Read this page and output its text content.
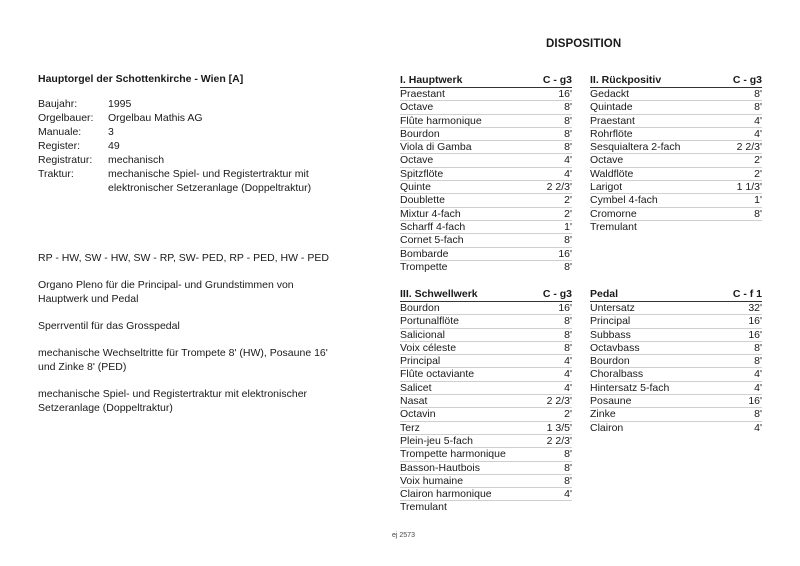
DISPOSITION
Hauptorgel der Schottenkirche - Wien [A]
Baujahr:	1995
Orgelbauer:	Orgelbau Mathis AG
Manuale:	3
Register:	49
Registratur:	mechanisch
Traktur:	mechanische Spiel- und Registertraktur mit elektronischer Setzeranlage (Doppeltraktur)
RP - HW, SW - HW, SW - RP, SW- PED, RP - PED, HW - PED

Organo Pleno für die Principal- und Grundstimmen von Hauptwerk und Pedal

Sperrventil für das Grosspedal

mechanische Wechseltritte für Trompete 8' (HW), Posaune 16' und Zinke 8' (PED)

mechanische Spiel- und Registertraktur mit elektronischer Setzeranlage (Doppeltraktur)

I. Hauptwerk	C - g3
Praestant	16'
Octave	8'
Flûte harmonique	8'
Bourdon	8'
Viola di Gamba	8'
Octave	4'
Spitzflöte	4'
Quinte	2 2/3'
Doublette	2'
Mixtur 4-fach	2'
Scharff 4-fach	1'
Cornet 5-fach	8'
Bombarde	16'
Trompette	8'
II. Rückpositiv	C - g3
Gedackt	8'
Quintade	8'
Praestant	4'
Rohrflöte	4'
Sesquialtera 2-fach	2 2/3'
Octave	2'
Waldflöte	2'
Larigot	1 1/3'
Cymbel 4-fach	1'
Cromorne	8'
Tremulant
III. Schwellwerk	C - g3
Bourdon	16'
Portunalflöte	8'
Salicional	8'
Voix céleste	8'
Principal	4'
Flûte octaviante	4'
Salicet	4'
Nasat	2 2/3'
Octavin	2'
Terz	1 3/5'
Plein-jeu 5-fach	2 2/3'
Trompette harmonique	8'
Basson-Hautbois	8'
Voix humaine	8'
Clairon harmonique	4'
Tremulant
Pedal	C - f 1
Untersatz	32'
Principal	16'
Subbass	16'
Octavbass	8'
Bourdon	8'
Choralbass	4'
Hintersatz 5-fach	4'
Posaune	16'
Zinke	8'
Clairon	4'
ej 2573
